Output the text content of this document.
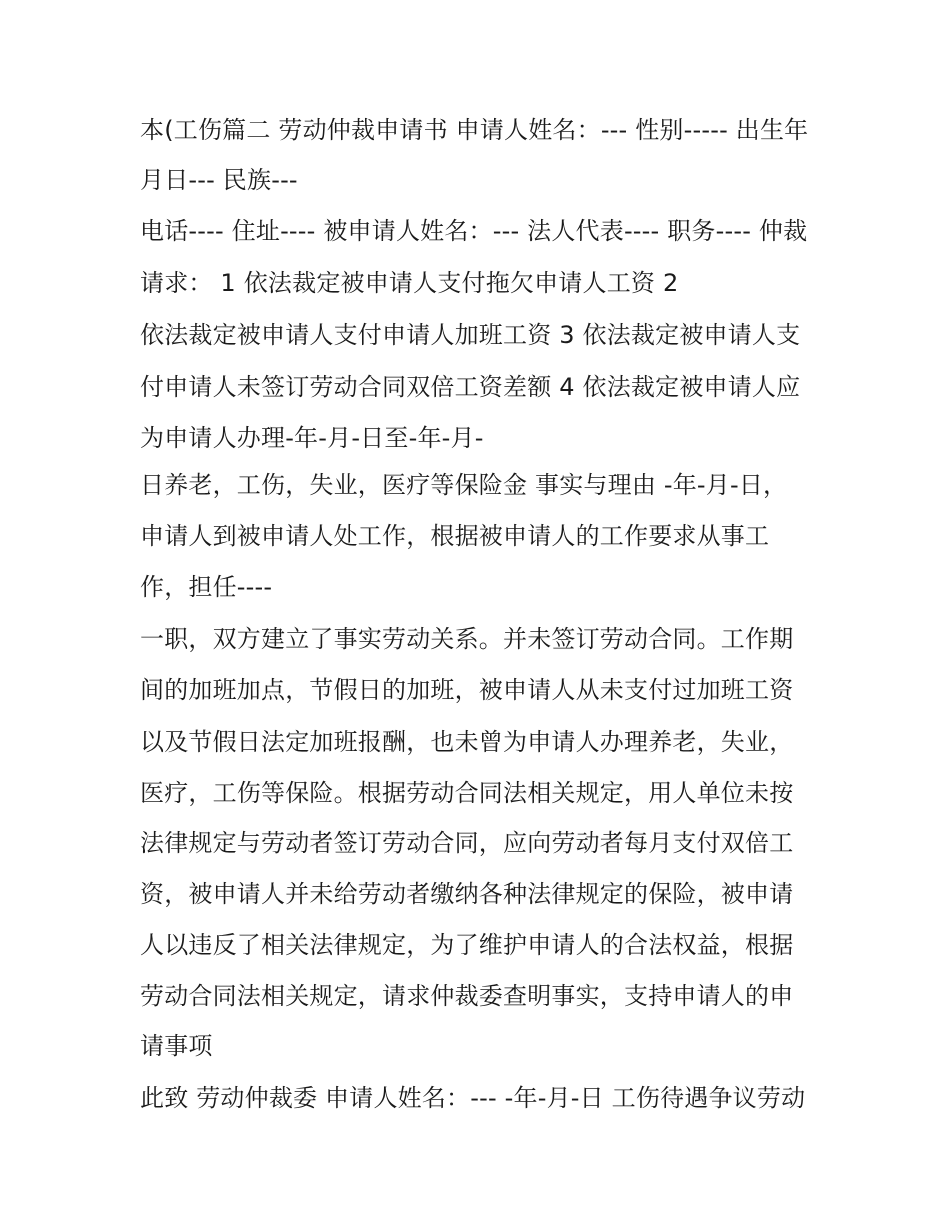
本(工伤篇二 劳动仲裁申请书 申请人姓名：--- 性别----- 出生年
月日--- 民族---
电话---- 住址---- 被申请人姓名：--- 法人代表---- 职务---- 仲裁
请求： 1 依法裁定被申请人支付拖欠申请人工资 2
依法裁定被申请人支付申请人加班工资 3 依法裁定被申请人支
付申请人未签订劳动合同双倍工资差额 4 依法裁定被申请人应
为申请人办理-年-月-日至-年-月-
日养老，工伤，失业，医疗等保险金 事实与理由 -年-月-日，
申请人到被申请人处工作，根据被申请人的工作要求从事工
作，担任----
一职，双方建立了事实劳动关系。并未签订劳动合同。工作期
间的加班加点，节假日的加班，被申请人从未支付过加班工资
以及节假日法定加班报酬，也未曾为申请人办理养老，失业，
医疗，工伤等保险。根据劳动合同法相关规定，用人单位未按
法律规定与劳动者签订劳动合同，应向劳动者每月支付双倍工
资，被申请人并未给劳动者缴纳各种法律规定的保险，被申请
人以违反了相关法律规定，为了维护申请人的合法权益，根据
劳动合同法相关规定，请求仲裁委查明事实，支持申请人的申
请事项
此致 劳动仲裁委 申请人姓名：--- -年-月-日 工伤待遇争议劳动
